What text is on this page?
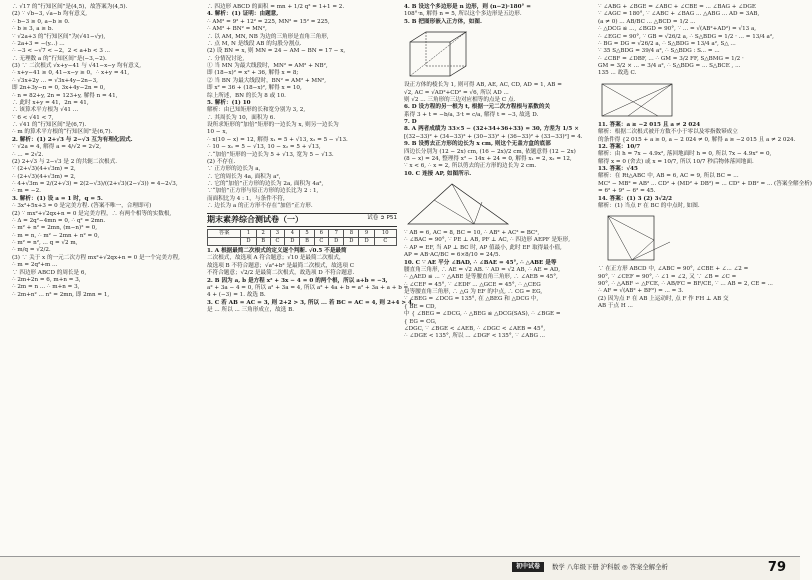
∴ √17 的“行知区间”是(4,5)，故答案为(4,5).
(2) ∵ √b−3, √a−b 均有意义,
∴ b−3 ≥ 0, a−b ≥ 0.
∴ b ≥ 3, a ≥ b.
∵ √2a+3 的“行知区间”为(√41−√y),
∴ 2a+3 = −(y...) ...
∴ −3 < −√7 < −2，2 < a+b < 3 ...
∴ 无理数 a 的“行知区间”是(−3,−2).
(3) ∵ 二次根式 √x+y−41 与 √41−x−y 均有意义,
∴ x+y−41 ≥ 0, 41−x−y ≥ 0，∴ x+y = 41,
∴ √3x+2y ... = √3x+4y−2n−3,
即 2n+3y−n = 0, 3x+4y−2n = 0,
∴ n = 82+y, 2n = 123+y, 解得 n = 41,
∴ 此时 x+y = 41，2n = 41,
∴ 该算术平方根为 √41 ...
∵ 6 < √41 < 7,
∴ √41 的“行知区间”是(6,7).
∴ m 的算术平方根的“行知区间”是(6,7).
2. 解析：(1) 2+√3 与 2−√3 互为有理化因式.
∵ √2a = 4, 解得 a = 4/√2 = 2√2,
∴ ... = 2√2.
(2) 2+√3 与 2−√3 是 2 的共轭二次根式.
∵ (2+√3)(4+√3m) = 2,
∴ (2+√3)(4+√3m) = 2,
∴ 4+√3m = 2/(2+√3) = 2(2−√3)/((2+√3)(2−√3)) = 4−2√3,
∴ m = −2.
3. 解析：(1) 设 a = 1 时，q = 5.
∴ 3x²+5x+3 = 0 是完美方程. (答案不唯一，合理即可)
(2) ∵ mx²+√2qx+n = 0 是完美方程，∴ 有两个相等的实数根,
∴ Δ = 2q²−4mn = 0, ∴ q² = 2mn.
∴ m² + n² = 2mn, (m−n)² = 0,
∴ m = n, ∴ m² − 2mn + n² = 0,
∴ m² = n², ... q = √2 m,
∴ m/q = √2/2.
(3) ∵ 关于 x 的一元二次方程 mx²+√2qx+n = 0 是一个完美方程,
∴ m = 2q²+m ...
∵ 四边形 ABCD 的周长是 6,
∴ 2m+2n = 6, m+n = 3,
∴ 2m = n ... ∴ m+n = 3,
∴ 2m+n² ... n² = 2mn, 即 2mn = 1,
∴ 四边形 ABCD 的面积 = mn + 1/2 q² = 1+1 = 2.
4. 解析：(1) 证明：由题意,
∴ AM² = 9² + 12² = 225, MN² = 15² = 225,
∴ AM² + BN² = MN²,
∴ 以 AM, MN, NB 为边的三角形是直角三角形,
∴ 点 M, N 是线段 AB 的勾股分割点.
(2) 设 BN = x, 则 MN = 24 − AM − BN = 17 − x,
∴ 分情况讨论,
① 当 MN 为最大线段时，MN² = AM² + NB²,
即 (18−x)² = x² + 36, 解得 x = 8;
② 当 BN 为最大线段时，BN² = AM² + MN²,
即 x² = 36 + (18−x)², 解得 x = 10,
综上所述，BN 的长为 8 或 10.
5. 解析：(1) 10
解析：由已知矩形的长和宽分别为 3, 2,
∴ 其周长为 10，面积为 6.
设所求矩形的“加倍”矩形的一边长为 x, 则另一边长为
10 − x,
∴ x(10 − x) = 12, 解得 x₁ = 5 + √13, x₂ = 5 − √13.
∴ 10 − x₁ = 5 − √13, 10 − x₂ = 5 + √13,
∴“加倍”矩形的一边长为 5 + √13, 宽为 5 − √13.
(2) 不存在.
∵ 正方形的边长为 a,
∴ 它的周长为 4a, 面积为 a²,
∴ 它的“加倍”正方形的边长为 2a, 面积为 4a²,
∵“加倍”正方形与原正方形的边长比为 2 : 1,
而面积比为 4 : 1，与条件不符，
∴ 边长为 a 的正方形不存在“加倍”正方形.
期末素养综合测试卷（一）	试卷 ➲ P51
答案	1	2	3	4	5	6	7	8	9	10
	D	B	C	D	B	C	D	D	D	C
1. A 根据最简二次根式的定义逐个判断. √0.5 不是最简
二次根式，故选项 A 符合题意；√10 是最简二次根式，
故选项 B 不符合题意；√a²+b² 是最简二次根式，故选项 C
不符合题意；√2/2 是最简二次根式，故选项 D 不符合题意.
2. B 因为 a, b 是方程 x² + 3x − 4 = 0 的两个根，所以 a+b = −3,
a² + 3a − 4 = 0, 所以 a² + 3a = 4, 所以 a² + 4a + b = a² + 3a + a + b =
4 + (−3) = 1. 故选 B.
3. C 若 AB = AC = 3, 则 2+2 > 3, 所以 ... 若 BC = AC = 4, 则 2+4 > 4,
是 ... 所以 ... 三角形成立，故选 B.
4. B 设这个多边形是 n 边形，则 (n−2)·180° =
108°·n, 解得 n = 5, 所以这个多边形是五边形.
5. B 把图形嵌入正方体，如图.
设正方体的棱长为 1, 则可得 AB, AE, AC, CD, AD = 1, AB =
√2, AC = √AD²+CD² = √6, 所以 AD ...
则 √2 ... 三角形的三边对应相等的点是 C 点.
6. D 设方程的另一根为 t, 根据一元二次方程根与系数的关
系得 3 + t = −b/a, 3·t = c/a, 解得 t = −3, 故选 D.
7. D
8. A 两者成绩为 33×5 − (32+34+36+33) = 30, 方差为 1/5 ×
[(32−33)² + (34−33)² + (30−33)² + (36−33)² + (33−33)²] = 4.
9. B 设剪去正方形的边长为 x cm, 则这个无盖方盒的底部
四边长分别为 (12 − 2x) cm, (16 − 2x)/2 cm, 依题意得 (12 − 2x)
(8 − x) = 24, 整理得 x² − 14x + 24 = 0, 解得 x₁ = 2, x₂ = 12,
∵ x < 6, ∴ x = 2, 所以剪去的正方形的边长为 2 cm.
10. C 连接 AP, 如图所示.
∵ AB = 6, AC = 8, BC = 10, ∴ AB² + AC² = BC²,
∴ ∠BAC = 90°, ∵ PE ⊥ AB, PF ⊥ AC, ∴ 四边形 AEPF 是矩形,
∴ AP = EF, 当 AP ⊥ BC 时, AP 值最小, 此时 EF 取得最小值,
AP = AB·AC/BC = 6×8/10 = 24/5.
10. C ∵ AE 平分 ∠BAD, ∴ ∠BAE = 45°, ∴ △ABE 是等
腰直角三角形, ∴ AE = √2 AB. ∵ AD = √2 AB, ∴ AE = AD,
∴ △AED ≌ ... ∵ △ABE 是等腰直角三角形, ∴ ∠AEB = 45°,
∴ ∠CEF = 45°, ∵ ∠EDF ... △GCE = 45°, ∴ △CEG
是等腰直角三角形, ∴ △G 为 EF 的中点, ∴ CG = EG,
∵ ∠BEG = ∠DCG = 135°, 在 △BEG 和 △DCG 中,
{ BE = CD,
中 { ∠BEG = ∠DCG, ∴ △BEG ≌ △DCG(SAS), ∴ ∠BGE =
{ EG = CG,
∠DGC, ∵ ∠BGE < ∠AEB, ∴ ∠DGC < ∠AEB = 45°,
∴ ∠DGE < 135°, 所以 ... ∠DGF < 135°, ∵ ∠ABG ...
∵ ∠ABG + ∠BGE = ∠ABC + ∠CBE = ... ∠BAG + ∠DGE
∵ ∠AGC = 180°, ∵ ∠ABC + ∠BAG ... △ABG ... AD = 3AB,
(a ≠ 0) ... AB/BC ... △BCD = 1/2 ...
∴ △DCG ≌ ..., ∠BGD = 90°, ∵ ... = √(AB²+AD²) = √13 a,
∴ ∠EGC = 90°, ∵ GB = √26/2 a, ∴ S△BDG = 1/2 · ... = 13/4 a²,
∴ BG = DG = √26/2 a, ∴ S△BDG = 13/4 a², S△ ...
∵ 35 S△BDG = 39/4 a², ∴ S△BDG : S... = ...
∴ ∠CBF = ∠DBF, ... ∴ GM = 3/2 FF, S△BMG = 1/2 ·
GM = 3/2 × ... = 3/4 a², ∴ S△BDG = ... S△BCE , ...
135 ... 故选 C.
11. 答案：a ≥ −2 015 且 a ≠ 2 024
解析：根据二次根式被开方数不小于零以及零指数幂成立
的条件得 {2 015 + a ≥ 0, a − 2 024 ≠ 0, 解得 a ≥ −2 015 且 a ≠ 2 024.
12. 答案：10/7
解析：由 h = 7x − 4.9x², 落回地面时 h = 0, 所以 7x − 4.9x² = 0,
解得 x = 0 (舍去) 或 x = 10/7, 所以 10/7 秒后物体落回地面.
13. 答案：√45
解析：在 Rt△ABC 中, AB = 6, AC = 9, 所以 BC = ...
MC² − MB² = AB² ... CD² + (MD² + DB²) = ... CD² + DB² = ... (答案全解全析)
= 6² + 9² − 6² = 45.
14. 答案：(1) 3 (2) 3√2/2
解析：(1) 当点 F 在 BC 的中点时, 如图.
∵ 在正方形 ABCD 中, ∠ABC = 90°, ∠CBE + ∠... ∠2 =
90°, ∵ ∠CEF = 90°, ∴ ∠1 = ∠2, 又 ∵ ∠B = ∠C =
90°, ∴ △ABF ∽ △FCE, ∴ AB/FC = BF/CE, ∵ ... AB = 2, CE = ...
∴ AF = √(AB² + BF²) = ... = 3.
(2) 因为点 F 在 AB 上运动时, 点 F 作 FH ⊥ AB 交
AB 于点 H ...
初中试卷	数学 八年级下册 沪科版 ◎ 答案全解全析	79
